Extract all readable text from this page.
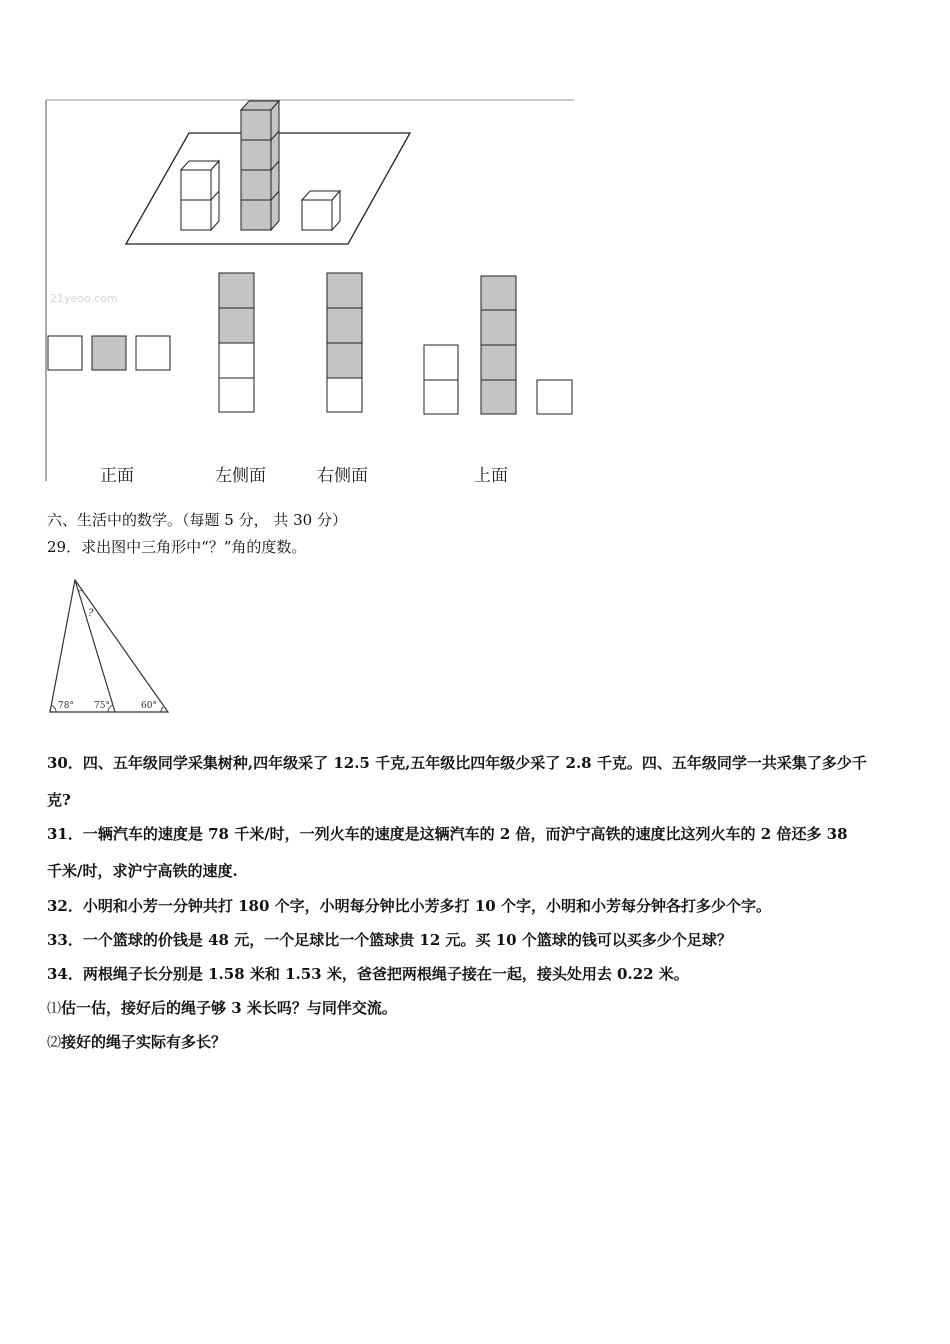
21yeoo.com
正面	左侧面	右侧面	上面
六、生活中的数学。（每题 5 分， 共 30 分）
29．求出图中三角形中“？”角的度数。
?
78° 75°	60°
30．四、五年级同学采集树种,四年级采了 12.5 千克,五年级比四年级少采了 2.8 千克。四、五年级同学一共采集了多少千
克?
31．一辆汽车的速度是 78 千米/时，一列火车的速度是这辆汽车的 2 倍，而沪宁高铁的速度比这列火车的 2 倍还多 38
千米/时，求沪宁高铁的速度.
32．小明和小芳一分钟共打 180 个字，小明每分钟比小芳多打 10 个字，小明和小芳每分钟各打多少个字。
33．一个篮球的价钱是 48 元，一个足球比一个篮球贵 12 元。买 10 个篮球的钱可以买多少个足球？
34．两根绳子长分别是 1.58 米和 1.53 米，爸爸把两根绳子接在一起，接头处用去 0.22 米。
⑴估一估，接好后的绳子够 3 米长吗？与同伴交流。
⑵接好的绳子实际有多长？
